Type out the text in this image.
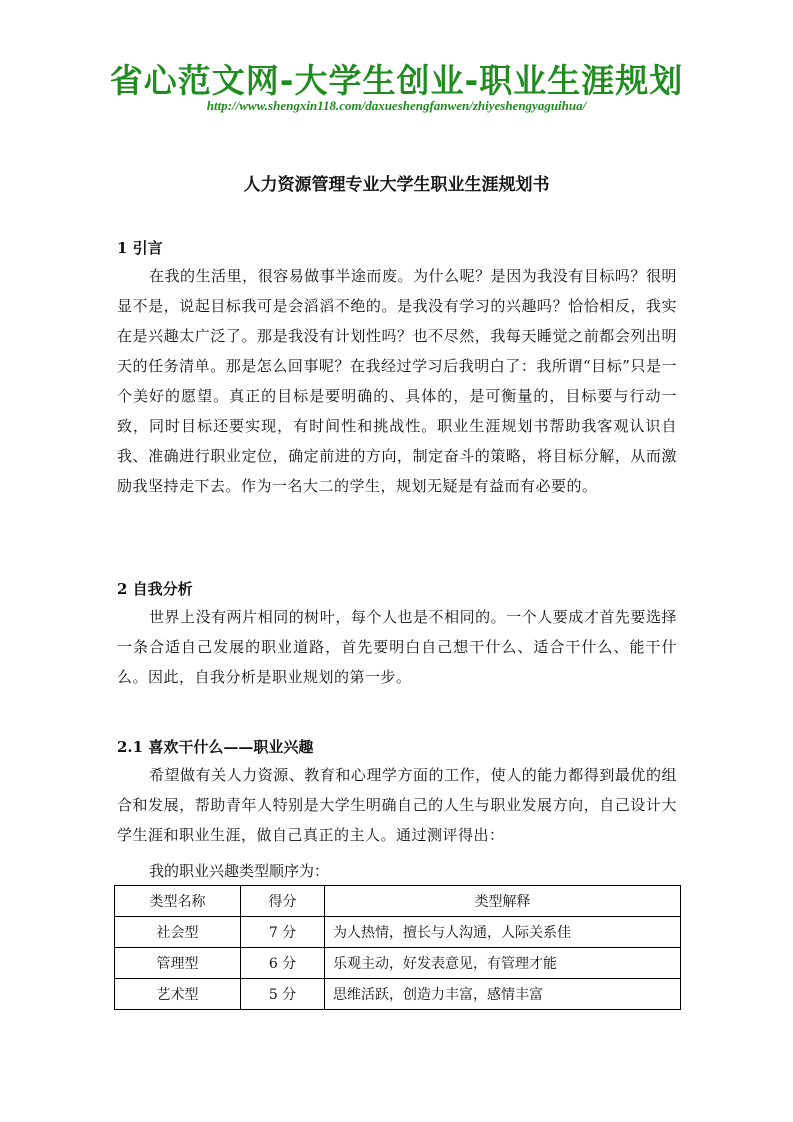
省心范文网-大学生创业-职业生涯规划
http://www.shengxin118.com/daxueshengfanwen/zhiyeshengyaguihua/
人力资源管理专业大学生职业生涯规划书
1 引言
在我的生活里，很容易做事半途而废。为什么呢？是因为我没有目标吗？很明显不是，说起目标我可是会滔滔不绝的。是我没有学习的兴趣吗？恰恰相反，我实在是兴趣太广泛了。那是我没有计划性吗？也不尽然，我每天睡觉之前都会列出明天的任务清单。那是怎么回事呢？在我经过学习后我明白了：我所谓“目标”只是一个美好的愿望。真正的目标是要明确的、具体的，是可衡量的，目标要与行动一致，同时目标还要实现，有时间性和挑战性。职业生涯规划书帮助我客观认识自我、准确进行职业定位，确定前进的方向，制定奋斗的策略，将目标分解，从而激励我坚持走下去。作为一名大二的学生，规划无疑是有益而有必要的。
2 自我分析
世界上没有两片相同的树叶，每个人也是不相同的。一个人要成才首先要选择一条合适自己发展的职业道路，首先要明白自己想干什么、适合干什么、能干什么。因此，自我分析是职业规划的第一步。
2.1 喜欢干什么——职业兴趣
希望做有关人力资源、教育和心理学方面的工作，使人的能力都得到最优的组合和发展，帮助青年人特别是大学生明确自己的人生与职业发展方向，自己设计大学生涯和职业生涯，做自己真正的主人。通过测评得出：
我的职业兴趣类型顺序为：
类型名称	得分	类型解释
社会型	7 分	为人热情，擅长与人沟通，人际关系佳
管理型	6 分	乐观主动，好发表意见，有管理才能
艺术型	5 分	思维活跃，创造力丰富，感情丰富
